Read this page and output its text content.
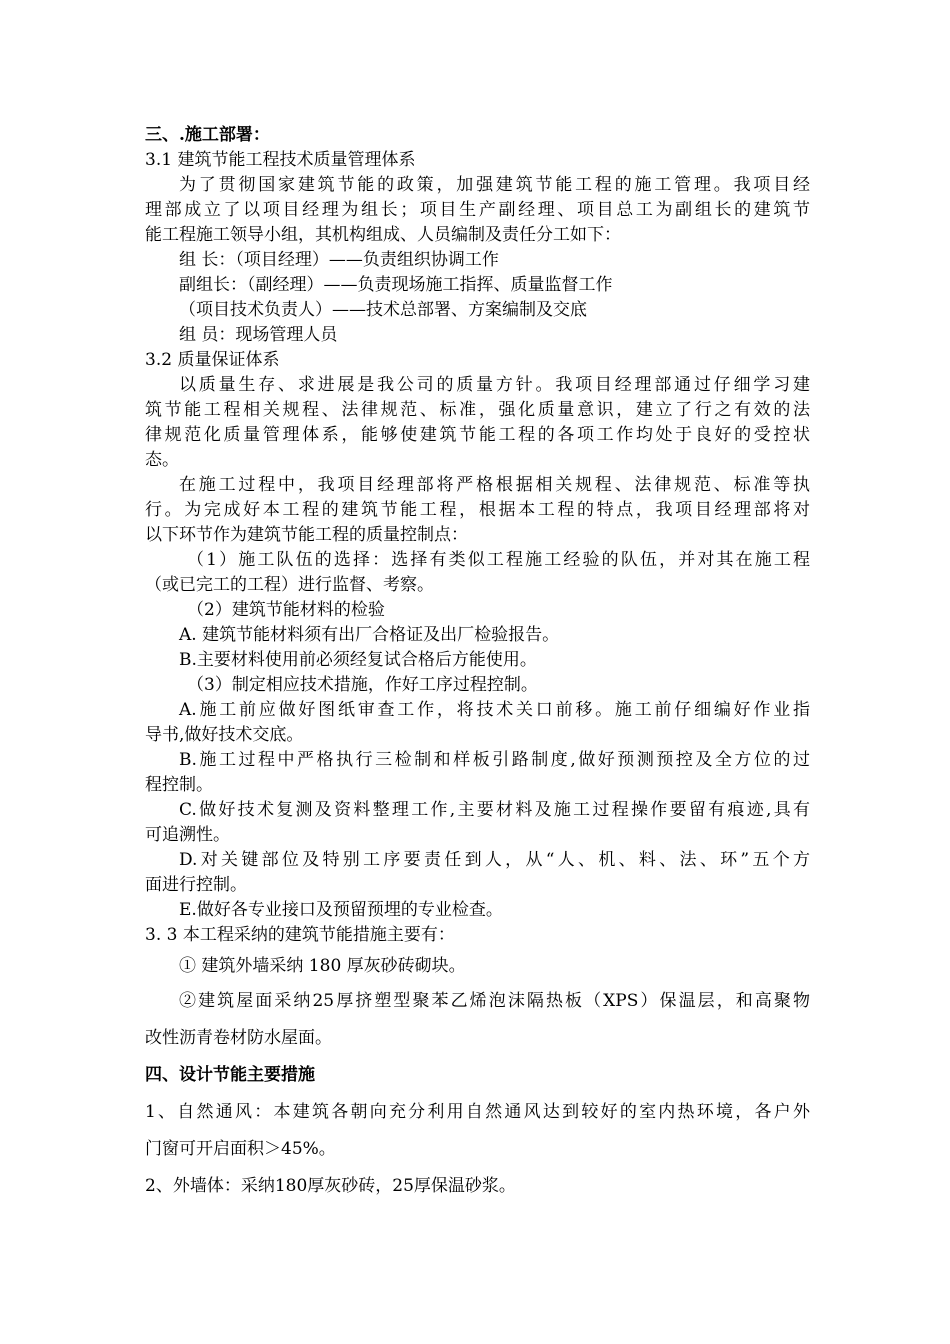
三、.施工部署：
3.1 建筑节能工程技术质量管理体系
为了贯彻国家建筑节能的政策，加强建筑节能工程的施工管理。我项目经
理部成立了以项目经理为组长；项目生产副经理、项目总工为副组长的建筑节
能工程施工领导小组，其机构组成、人员编制及责任分工如下：
组 长：（项目经理）——负责组织协调工作
副组长：（副经理）——负责现场施工指挥、质量监督工作
（项目技术负责人）——技术总部署、方案编制及交底
组 员：现场管理人员
3.2 质量保证体系
以质量生存、求进展是我公司的质量方针。我项目经理部通过仔细学习建
筑节能工程相关规程、法律规范、标准，强化质量意识，建立了行之有效的法
律规范化质量管理体系，能够使建筑节能工程的各项工作均处于良好的受控状
态。
在施工过程中，我项目经理部将严格根据相关规程、法律规范、标准等执
行。为完成好本工程的建筑节能工程，根据本工程的特点，我项目经理部将对
以下环节作为建筑节能工程的质量控制点：
（1）施工队伍的选择：选择有类似工程施工经验的队伍，并对其在施工程
（或已完工的工程）进行监督、考察。
（2）建筑节能材料的检验
A. 建筑节能材料须有出厂合格证及出厂检验报告。
B.主要材料使用前必须经复试合格后方能使用。
（3）制定相应技术措施，作好工序过程控制。
A.施工前应做好图纸审查工作，将技术关口前移。施工前仔细编好作业指
导书,做好技术交底。
B.施工过程中严格执行三检制和样板引路制度,做好预测预控及全方位的过
程控制。
C.做好技术复测及资料整理工作,主要材料及施工过程操作要留有痕迹,具有
可追溯性。
D.对关键部位及特别工序要责任到人，从“人、机、料、法、环”五个方
面进行控制。
E.做好各专业接口及预留预埋的专业检查。
3. 3 本工程采纳的建筑节能措施主要有：
① 建筑外墙采纳 180 厚灰砂砖砌块。
②建筑屋面采纳25厚挤塑型聚苯乙烯泡沫隔热板（XPS）保温层，和高聚物
改性沥青卷材防水屋面。
四、设计节能主要措施
1、自然通风：本建筑各朝向充分利用自然通风达到较好的室内热环境，各户外
门窗可开启面积＞45%。
2、外墙体：采纳180厚灰砂砖，25厚保温砂浆。
